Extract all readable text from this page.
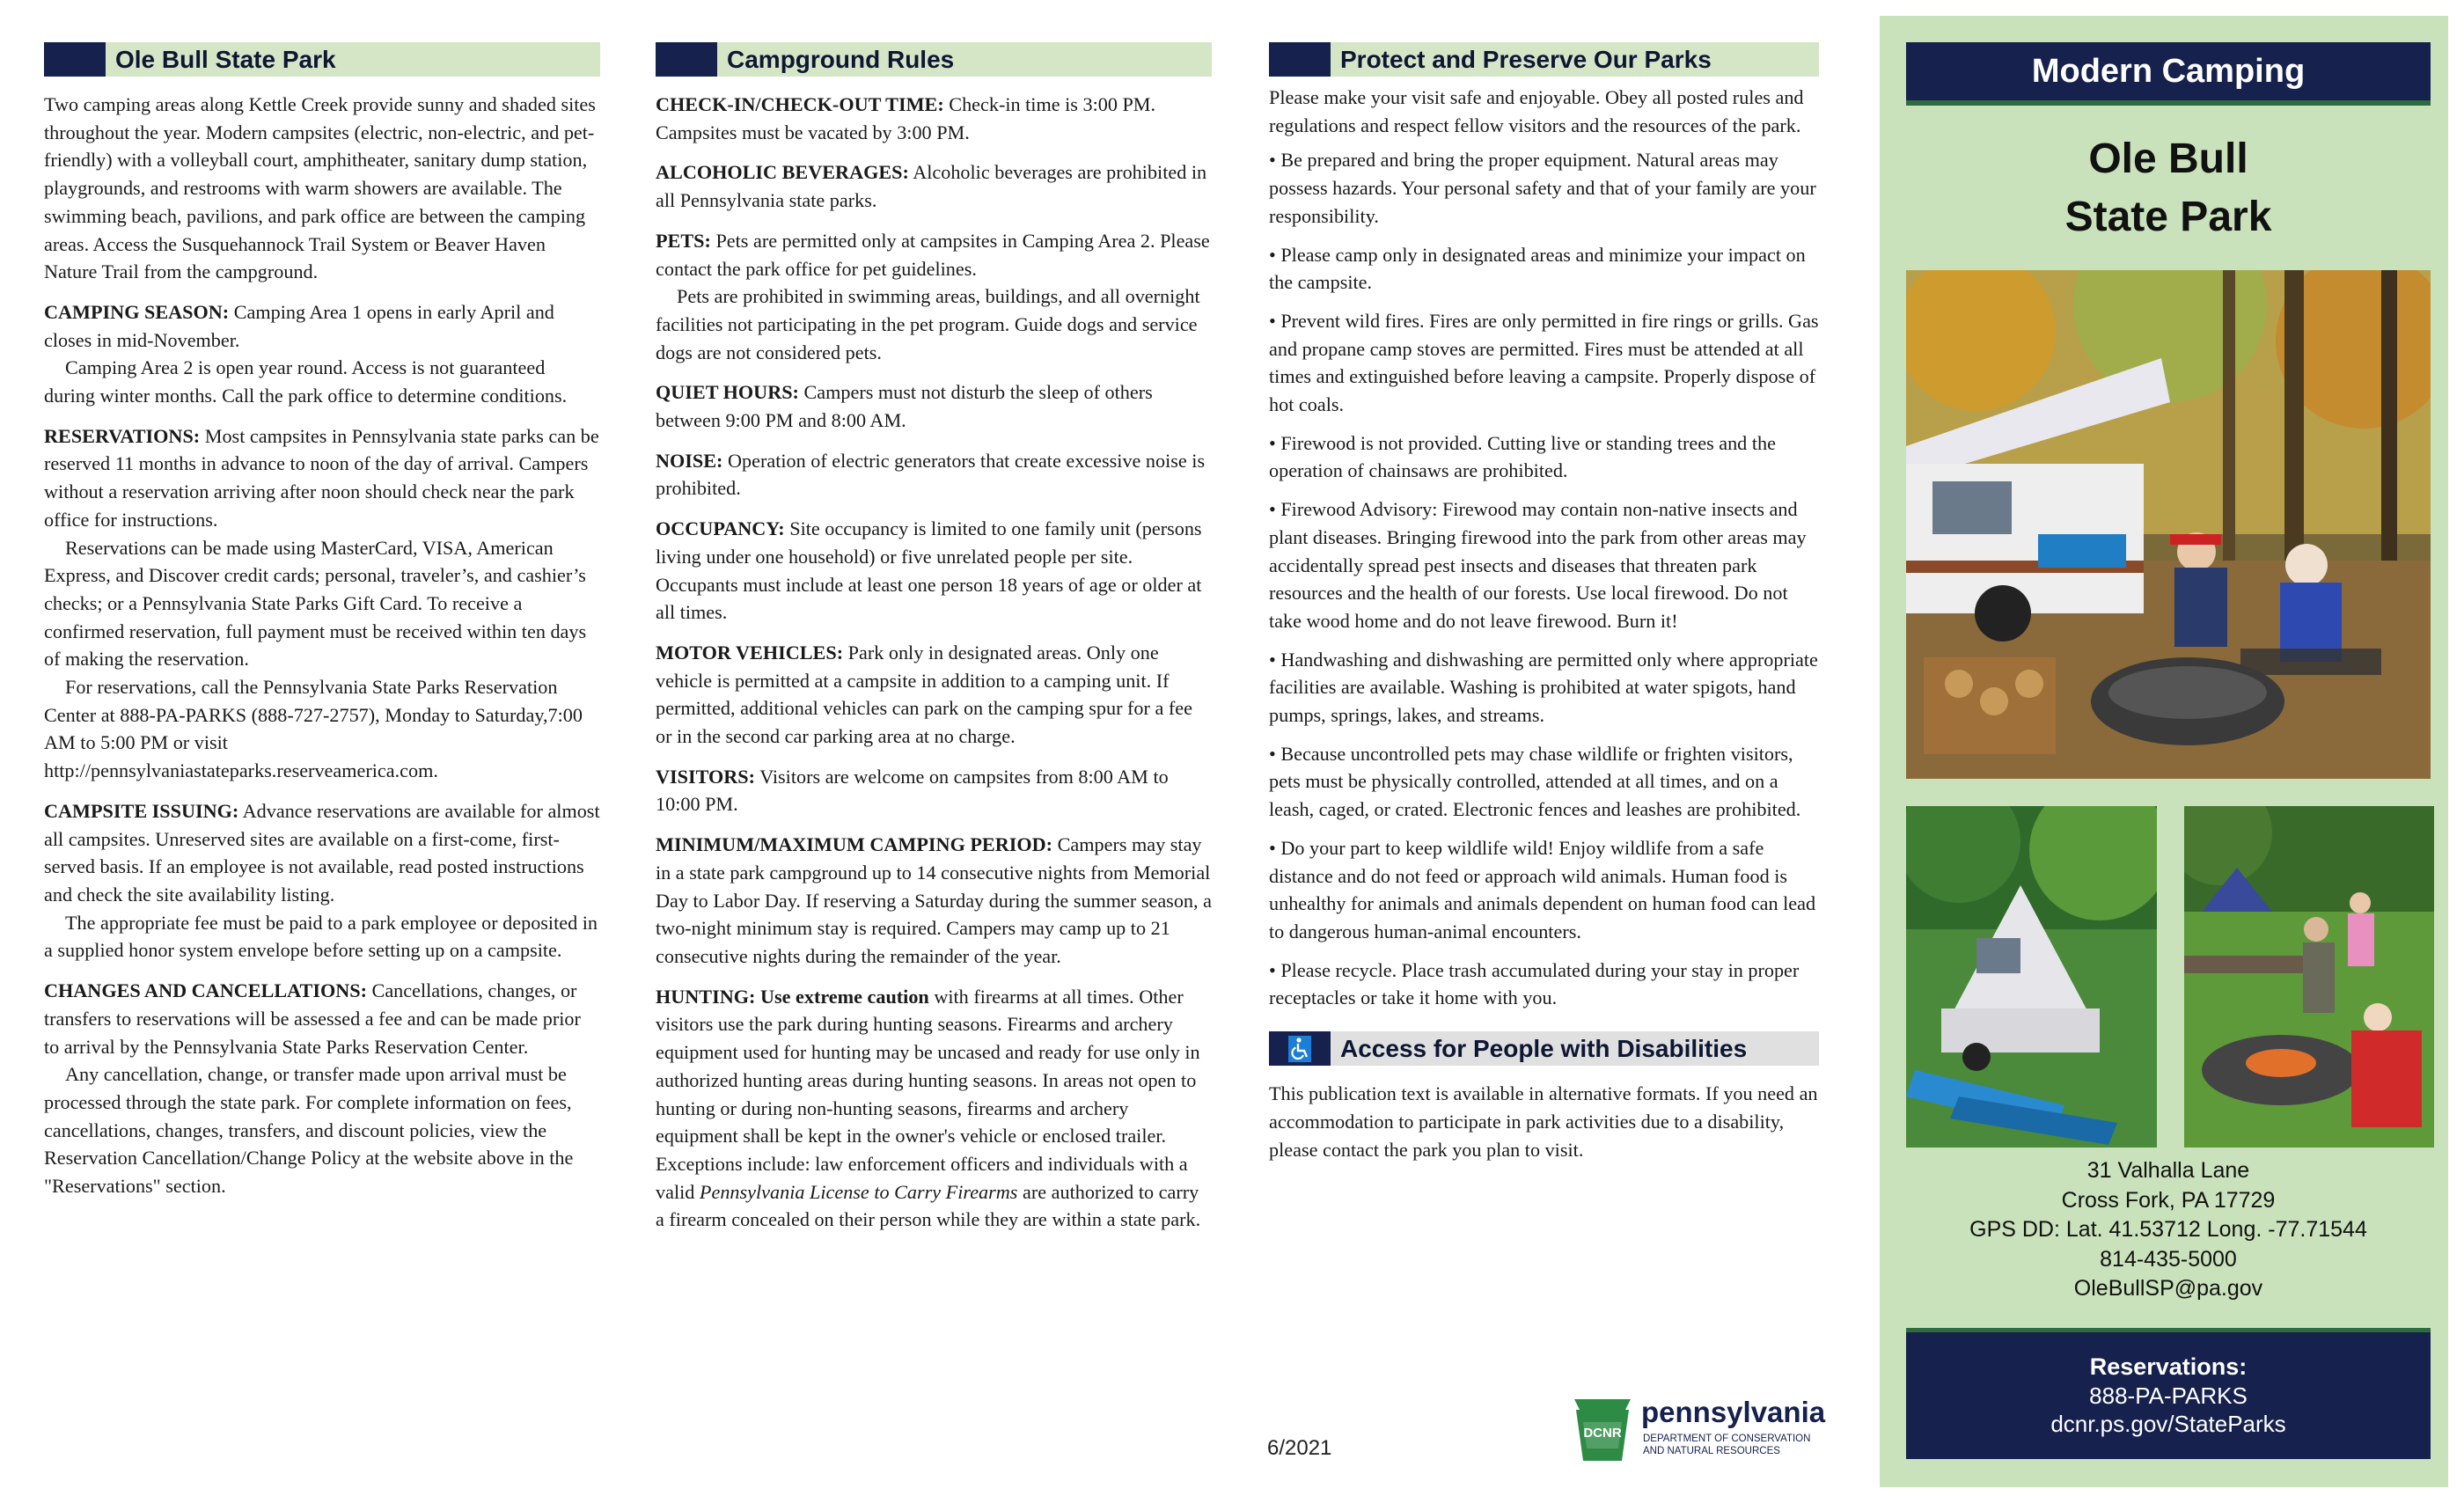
Ole Bull State Park

Two camping areas along Kettle Creek provide sunny and shaded sites throughout the year. Modern campsites (electric, non-electric, and pet-friendly) with a volleyball court, amphitheater, sanitary dump station, playgrounds, and restrooms with warm showers are available. The swimming beach, pavilions, and park office are between the camping areas. Access the Susquehannock Trail System or Beaver Haven Nature Trail from the campground.

CAMPING SEASON: Camping Area 1 opens in early April and closes in mid-November.
Camping Area 2 is open year round. Access is not guaranteed during winter months. Call the park office to determine conditions.

RESERVATIONS: Most campsites in Pennsylvania state parks can be reserved 11 months in advance to noon of the day of arrival. Campers without a reservation arriving after noon should check near the park office for instructions.
Reservations can be made using MasterCard, VISA, American Express, and Discover credit cards; personal, traveler’s, and cashier’s checks; or a Pennsylvania State Parks Gift Card. To receive a confirmed reservation, full payment must be received within ten days of making the reservation.
For reservations, call the Pennsylvania State Parks Reservation Center at 888-PA-PARKS (888-727-2757), Monday to Saturday,7:00 AM to 5:00 PM or visit http://pennsylvaniastateparks.reserveamerica.com.

CAMPSITE ISSUING: Advance reservations are available for almost all campsites. Unreserved sites are available on a first-come, first-served basis. If an employee is not available, read posted instructions and check the site availability listing.
The appropriate fee must be paid to a park employee or deposited in a supplied honor system envelope before setting up on a campsite.

CHANGES AND CANCELLATIONS: Cancellations, changes, or transfers to reservations will be assessed a fee and can be made prior to arrival by the Pennsylvania State Parks Reservation Center.
Any cancellation, change, or transfer made upon arrival must be processed through the state park. For complete information on fees, cancellations, changes, transfers, and discount policies, view the Reservation Cancellation/Change Policy at the website above in the "Reservations" section.

Campground Rules

CHECK-IN/CHECK-OUT TIME: Check-in time is 3:00 PM. Campsites must be vacated by 3:00 PM.

ALCOHOLIC BEVERAGES: Alcoholic beverages are prohibited in all Pennsylvania state parks.

PETS: Pets are permitted only at campsites in Camping Area 2. Please contact the park office for pet guidelines.
Pets are prohibited in swimming areas, buildings, and all overnight facilities not participating in the pet program. Guide dogs and service dogs are not considered pets.

QUIET HOURS: Campers must not disturb the sleep of others between 9:00 PM and 8:00 AM.

NOISE: Operation of electric generators that create excessive noise is prohibited.

OCCUPANCY: Site occupancy is limited to one family unit (persons living under one household) or five unrelated people per site. Occupants must include at least one person 18 years of age or older at all times.

MOTOR VEHICLES: Park only in designated areas. Only one vehicle is permitted at a campsite in addition to a camping unit. If permitted, additional vehicles can park on the camping spur for a fee or in the second car parking area at no charge.

VISITORS: Visitors are welcome on campsites from 8:00 AM to 10:00 PM.

MINIMUM/MAXIMUM CAMPING PERIOD: Campers may stay in a state park campground up to 14 consecutive nights from Memorial Day to Labor Day. If reserving a Saturday during the summer season, a two-night minimum stay is required. Campers may camp up to 21 consecutive nights during the remainder of the year.

HUNTING: Use extreme caution with firearms at all times. Other visitors use the park during hunting seasons. Firearms and archery equipment used for hunting may be uncased and ready for use only in authorized hunting areas during hunting seasons. In areas not open to hunting or during non-hunting seasons, firearms and archery equipment shall be kept in the owner's vehicle or enclosed trailer. Exceptions include: law enforcement officers and individuals with a valid Pennsylvania License to Carry Firearms are authorized to carry a firearm concealed on their person while they are within a state park.

Protect and Preserve Our Parks

Please make your visit safe and enjoyable. Obey all posted rules and regulations and respect fellow visitors and the resources of the park.

• Be prepared and bring the proper equipment. Natural areas may possess hazards. Your personal safety and that of your family are your responsibility.

• Please camp only in designated areas and minimize your impact on the campsite.

• Prevent wild fires. Fires are only permitted in fire rings or grills. Gas and propane camp stoves are permitted. Fires must be attended at all times and extinguished before leaving a campsite. Properly dispose of hot coals.

• Firewood is not provided. Cutting live or standing trees and the operation of chainsaws are prohibited.

• Firewood Advisory: Firewood may contain non-native insects and plant diseases. Bringing firewood into the park from other areas may accidentally spread pest insects and diseases that threaten park resources and the health of our forests. Use local firewood. Do not take wood home and do not leave firewood. Burn it!

• Handwashing and dishwashing are permitted only where appropriate facilities are available. Washing is prohibited at water spigots, hand pumps, springs, lakes, and streams.

• Because uncontrolled pets may chase wildlife or frighten visitors, pets must be physically controlled, attended at all times, and on a leash, caged, or crated. Electronic fences and leashes are prohibited.

• Do your part to keep wildlife wild! Enjoy wildlife from a safe distance and do not feed or approach wild animals. Human food is unhealthy for animals and animals dependent on human food can lead to dangerous human-animal encounters.

• Please recycle. Place trash accumulated during your stay in proper receptacles or take it home with you.

Access for People with Disabilities

This publication text is available in alternative formats. If you need an accommodation to participate in park activities due to a disability, please contact the park you plan to visit.

6/2021
DCNR
pennsylvania
DEPARTMENT OF CONSERVATION
AND NATURAL RESOURCES
Modern Camping
Ole Bull
State Park
31 Valhalla Lane
Cross Fork, PA 17729
GPS DD: Lat. 41.53712 Long. -77.71544
814-435-5000
OleBullSP@pa.gov
Reservations:
888-PA-PARKS
dcnr.ps.gov/StateParks
